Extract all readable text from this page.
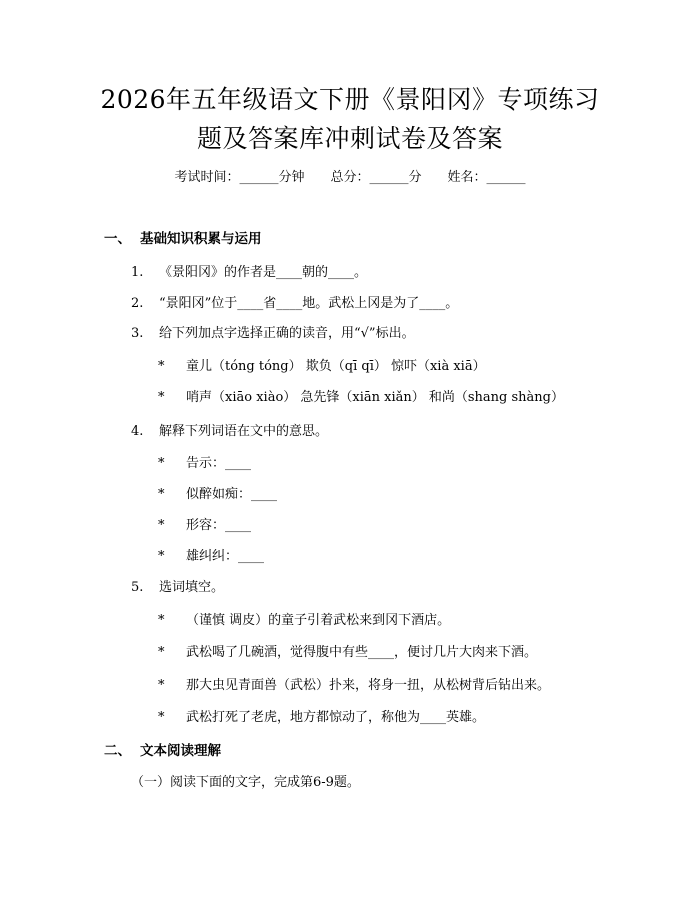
2026年五年级语文下册《景阳冈》专项练习
题及答案库冲刺试卷及答案
考试时间：______分钟 总分：______分 姓名：______
一、 基础知识积累与运用
1. 《景阳冈》的作者是____朝的____。
2. “景阳冈”位于____省____地。武松上冈是为了____。
3. 给下列加点字选择正确的读音，用“√”标出。
* 童儿（tóng tóng） 欺负（qī qī） 惊吓（xià xiā）
* 哨声（xiāo xiào） 急先锋（xiān xiǎn） 和尚（shang shàng）
4. 解释下列词语在文中的意思。
* 告示：____
* 似醉如痴：____
* 形容：____
* 雄纠纠：____
5. 选词填空。
* （谨慎 调皮）的童子引着武松来到冈下酒店。
* 武松喝了几碗酒，觉得腹中有些____，便讨几片大肉来下酒。
* 那大虫见青面兽（武松）扑来，将身一扭，从松树背后钻出来。
* 武松打死了老虎，地方都惊动了，称他为____英雄。
二、 文本阅读理解
（一）阅读下面的文字，完成第6-9题。
